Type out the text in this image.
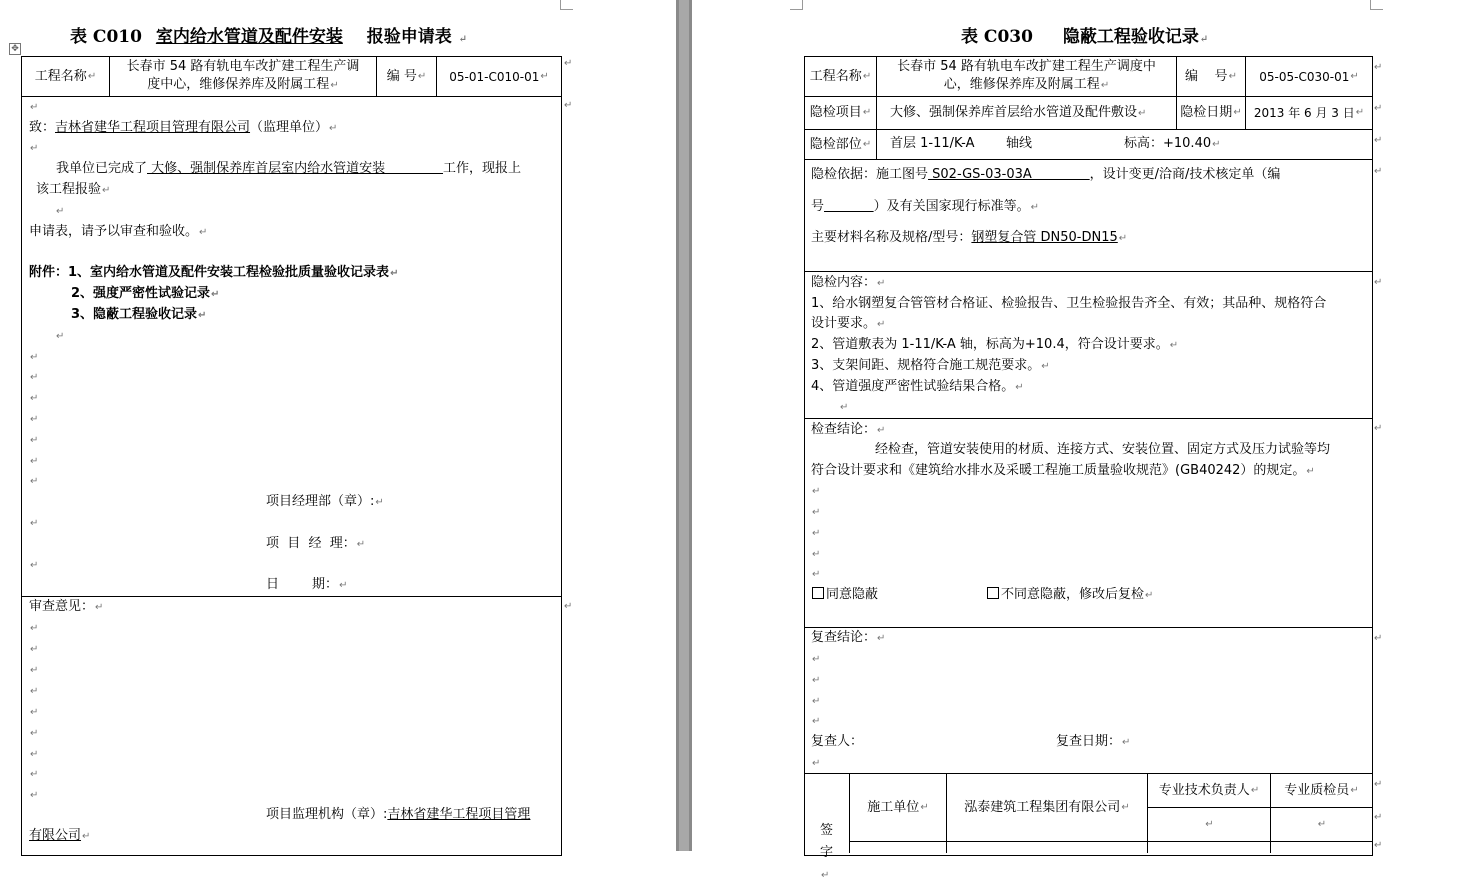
✥
表 C010 室内给水管道及配件安装 报验申请表 ↵
工程名称 ↵
长春市 54 路有轨电车改扩建工程生产调
度中心，维修保养库及附属工程↵
编 号 ↵ 05-01-C010-01 ↵
↵
↵
↵
致：吉林省建华工程项目管理有限公司（监理单位）↵
↵
我单位已完成了 大修、强制保养库首层室内给水管道安装              工作，现报上
该工程报验↵
↵
申请表，请予以审查和验收。↵
附件：1、室内给水管道及配件安装工程检验批质量验收记录表↵
2、强度严密性试验记录↵
3、隐蔽工程验收记录↵
↵
↵
↵
↵
↵
↵
↵
↵
项目经理部（章）:↵
↵
项  目  经  理：↵
↵
日        期：↵
↵
审查意见：↵
↵
↵
↵
↵
↵
↵
↵
↵
↵
项目监理机构（章）:吉林省建华工程项目管理
有限公司↵
表 C030 隐蔽工程验收记录↵
工程名称 ↵
长春市 54 路有轨电车改扩建工程生产调度中
心，维修保养库及附属工程↵
编    号 ↵ 05-05-C030-01 ↵
隐检项目 ↵ 大修、强制保养库首层给水管道及配件敷设↵	隐检日期 ↵ 2013 年 6 月 3 日 ↵
隐检部位 ↵ 首层 1-11/K-A 轴线	标高：+10.40↵
↵
↵
↵
↵
隐检依据：施工图号 S02-GS-03-03A              ，设计变更/洽商/技术核定单（编
号	）及有关国家现行标准等。↵
主要材料名称及规格/型号：钢塑复合管 DN50-DN15↵
↵
隐检内容：↵
1、给水钢塑复合管管材合格证、检验报告、卫生检验报告齐全、有效；其品种、规格符合
设计要求。↵
2、管道敷表为 1-11/K-A 轴，标高为+10.4，符合设计要求。↵
3、支架间距、规格符合施工规范要求。↵
4、管道强度严密性试验结果合格。↵
↵
↵
检查结论：↵
经检查，管道安装使用的材质、连接方式、安装位置、固定方式及压力试验等均
符合设计要求和《建筑给水排水及采暖工程施工质量验收规范》(GB40242）的规定。↵
↵
↵
↵
↵
↵
同意隐蔽	不同意隐蔽，修改后复检↵
↵
复查结论：↵
↵
↵
↵
↵
复查人：	复查日期：↵
↵
↵
↵
↵
签字↵
施工单位 ↵	泓泰建筑工程集团有限公司 ↵
专业技术负责人 ↵ 专业质检员 ↵
↵	↵
